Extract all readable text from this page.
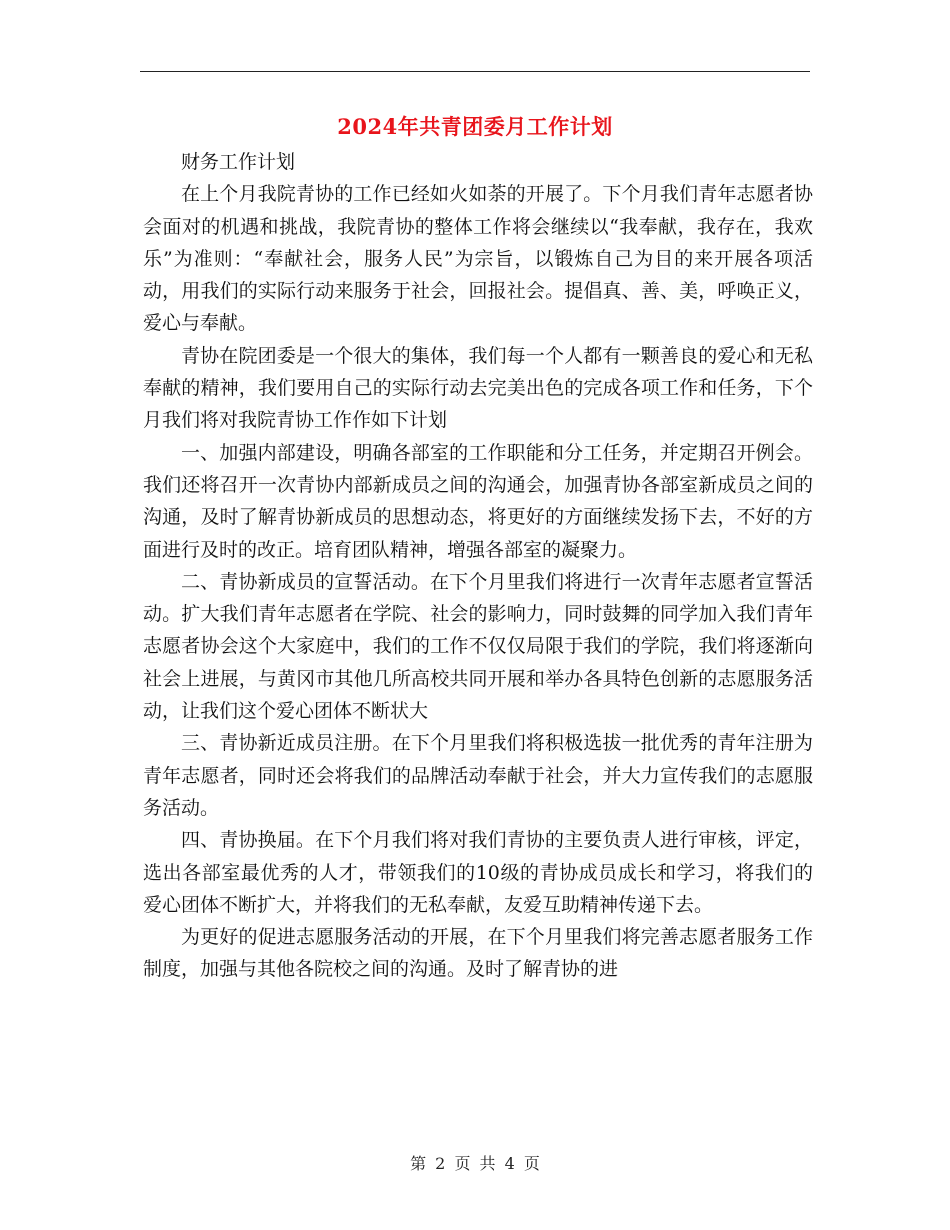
2024年共青团委月工作计划

财务工作计划

在上个月我院青协的工作已经如火如荼的开展了。下个月我们青年志愿者协会面对的机遇和挑战，我院青协的整体工作将会继续以“我奉献，我存在，我欢乐”为准则：“奉献社会，服务人民”为宗旨，以锻炼自己为目的来开展各项活动，用我们的实际行动来服务于社会，回报社会。提倡真、善、美，呼唤正义，爱心与奉献。

青协在院团委是一个很大的集体，我们每一个人都有一颗善良的爱心和无私奉献的精神，我们要用自己的实际行动去完美出色的完成各项工作和任务，下个月我们将对我院青协工作作如下计划

一、加强内部建设，明确各部室的工作职能和分工任务，并定期召开例会。我们还将召开一次青协内部新成员之间的沟通会，加强青协各部室新成员之间的沟通，及时了解青协新成员的思想动态，将更好的方面继续发扬下去，不好的方面进行及时的改正。培育团队精神，增强各部室的凝聚力。

二、青协新成员的宣誓活动。在下个月里我们将进行一次青年志愿者宣誓活动。扩大我们青年志愿者在学院、社会的影响力，同时鼓舞的同学加入我们青年志愿者协会这个大家庭中，我们的工作不仅仅局限于我们的学院，我们将逐渐向社会上进展，与黄冈市其他几所高校共同开展和举办各具特色创新的志愿服务活动，让我们这个爱心团体不断状大

三、青协新近成员注册。在下个月里我们将积极选拔一批优秀的青年注册为青年志愿者，同时还会将我们的品牌活动奉献于社会，并大力宣传我们的志愿服务活动。

四、青协换届。在下个月我们将对我们青协的主要负责人进行审核，评定，选出各部室最优秀的人才，带领我们的10级的青协成员成长和学习，将我们的爱心团体不断扩大，并将我们的无私奉献，友爱互助精神传递下去。

为更好的促进志愿服务活动的开展，在下个月里我们将完善志愿者服务工作制度，加强与其他各院校之间的沟通。及时了解青协的进

第 2 页 共 4 页
